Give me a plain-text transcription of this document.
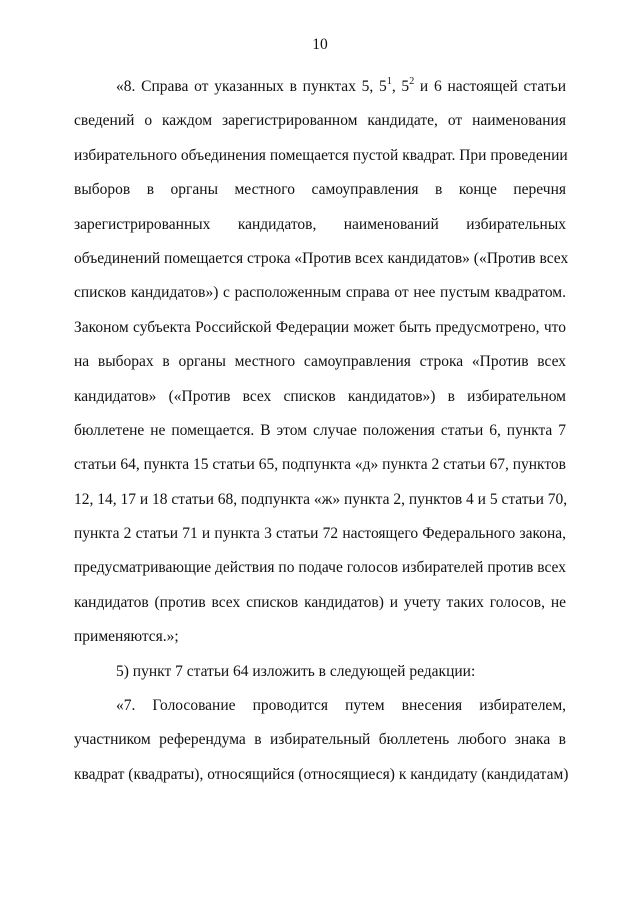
10
«8. Справа от указанных в пунктах 5, $5^1$, $5^2$ и 6 настоящей статьи
сведений о каждом зарегистрированном кандидате, от наименования
избирательного объединения помещается пустой квадрат. При проведении
выборов в органы местного самоуправления в конце перечня
зарегистрированных кандидатов, наименований избирательных
объединений помещается строка «Против всех кандидатов» («Против всех
списков кандидатов») с расположенным справа от нее пустым квадратом.
Законом субъекта Российской Федерации может быть предусмотрено, что
на выборах в органы местного самоуправления строка «Против всех
кандидатов» («Против всех списков кандидатов») в избирательном
бюллетене не помещается. В этом случае положения статьи 6, пункта 7
статьи 64, пункта 15 статьи 65, подпункта «д» пункта 2 статьи 67, пунктов
12, 14, 17 и 18 статьи 68, подпункта «ж» пункта 2, пунктов 4 и 5 статьи 70,
пункта 2 статьи 71 и пункта 3 статьи 72 настоящего Федерального закона,
предусматривающие действия по подаче голосов избирателей против всех
кандидатов (против всех списков кандидатов) и учету таких голосов, не
применяются.»;
5) пункт 7 статьи 64 изложить в следующей редакции:
«7. Голосование проводится путем внесения избирателем,
участником референдума в избирательный бюллетень любого знака в
квадрат (квадраты), относящийся (относящиеся) к кандидату (кандидатам)
